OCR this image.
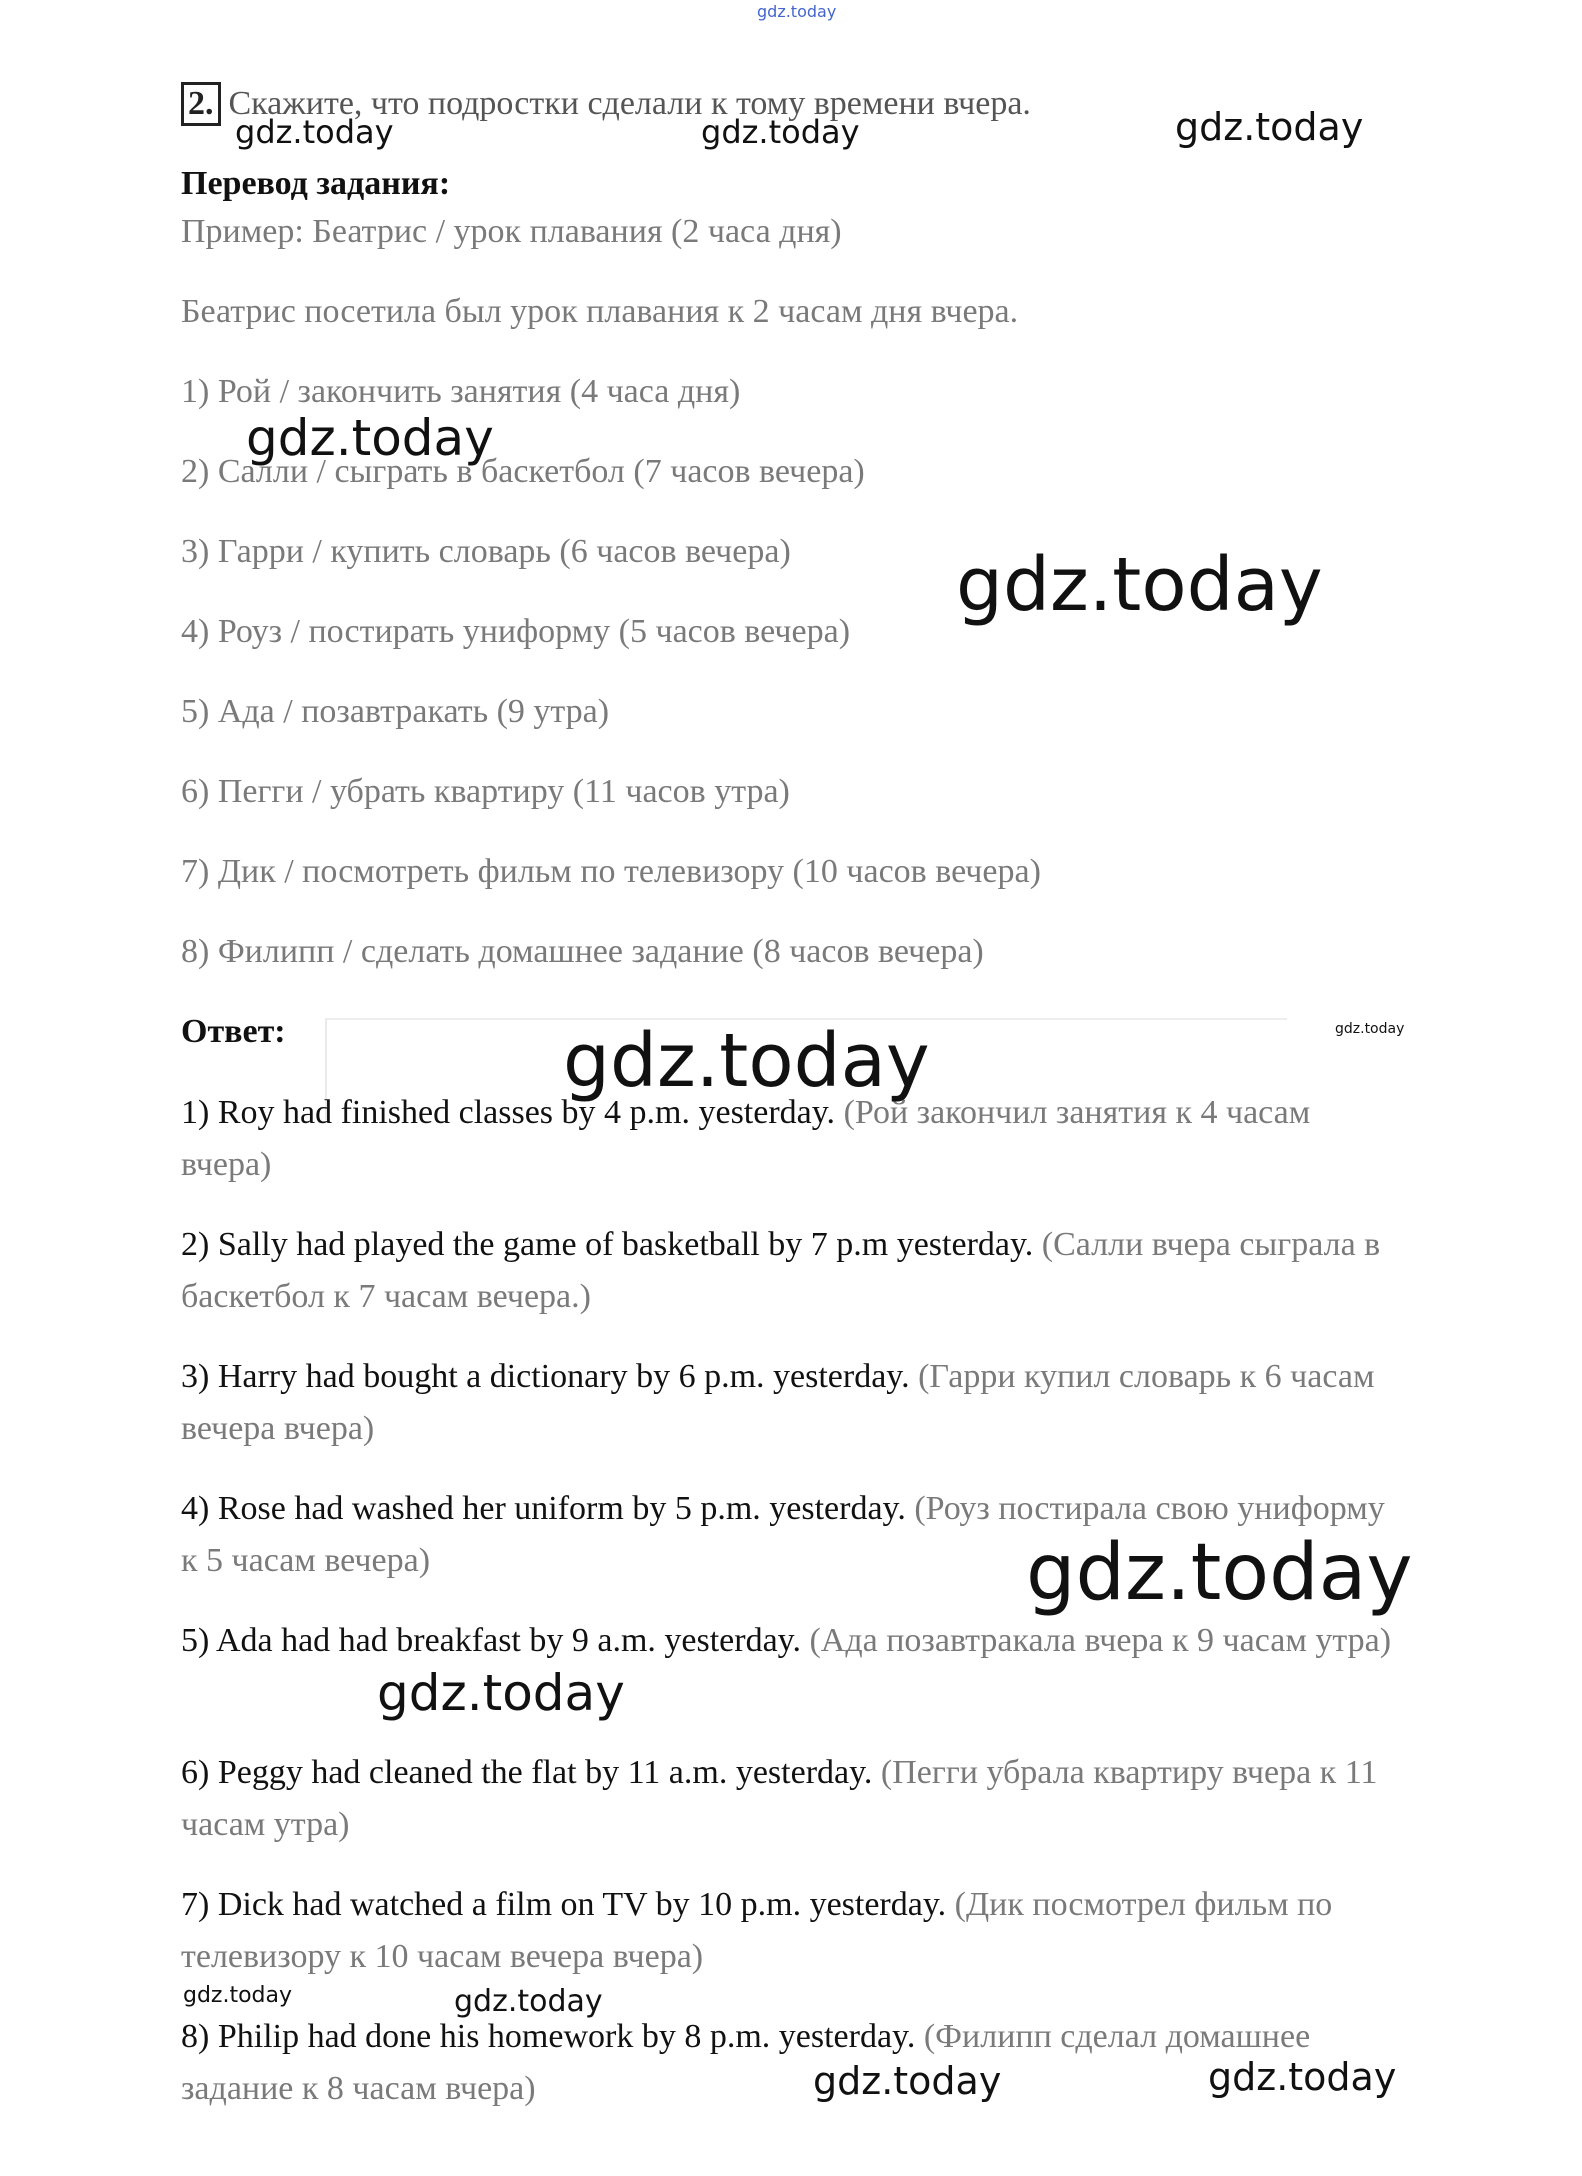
2. Скажите, что подростки сделали к тому времени вчера.
Перевод задания:
Пример: Беатрис / урок плавания (2 часа дня)
Беатрис посетила был урок плавания к 2 часам дня вчера.
1) Рой / закончить занятия (4 часа дня)
2) Салли / сыграть в баскетбол (7 часов вечера)
3) Гарри / купить словарь (6 часов вечера)
4) Роуз / постирать униформу (5 часов вечера)
5) Ада / позавтракать (9 утра)
6) Пегги / убрать квартиру (11 часов утра)
7) Дик / посмотреть фильм по телевизору (10 часов вечера)
8) Филипп / сделать домашнее задание (8 часов вечера)
Ответ:
1) Roy had finished classes by 4 p.m. yesterday. (Рой закончил занятия к 4 часам вчера)
2) Sally had played the game of basketball by 7 p.m yesterday. (Салли вчера сыграла в баскетбол к 7 часам вечера.)
3) Harry had bought a dictionary by 6 p.m. yesterday. (Гарри купил словарь к 6 часам вечера вчера)
4) Rose had washed her uniform by 5 p.m. yesterday. (Роуз постирала свою униформу к 5 часам вечера)
5) Ada had had breakfast by 9 a.m. yesterday. (Ада позавтракала вчера к 9 часам утра)
6) Peggy had cleaned the flat by 11 a.m. yesterday. (Пегги убрала квартиру вчера к 11 часам утра)
7) Dick had watched a film on TV by 10 p.m. yesterday. (Дик посмотрел фильм по телевизору к 10 часам вечера вчера)
8) Philip had done his homework by 8 p.m. yesterday. (Филипп сделал домашнее задание к 8 часам вчера)
gdz.today
gdz.today	gdz.today	gdz.today
gdz.today
gdz.today
gdz.today
gdz.today
gdz.today
gdz.today
gdz.today	gdz.today
gdz.today	gdz.today
